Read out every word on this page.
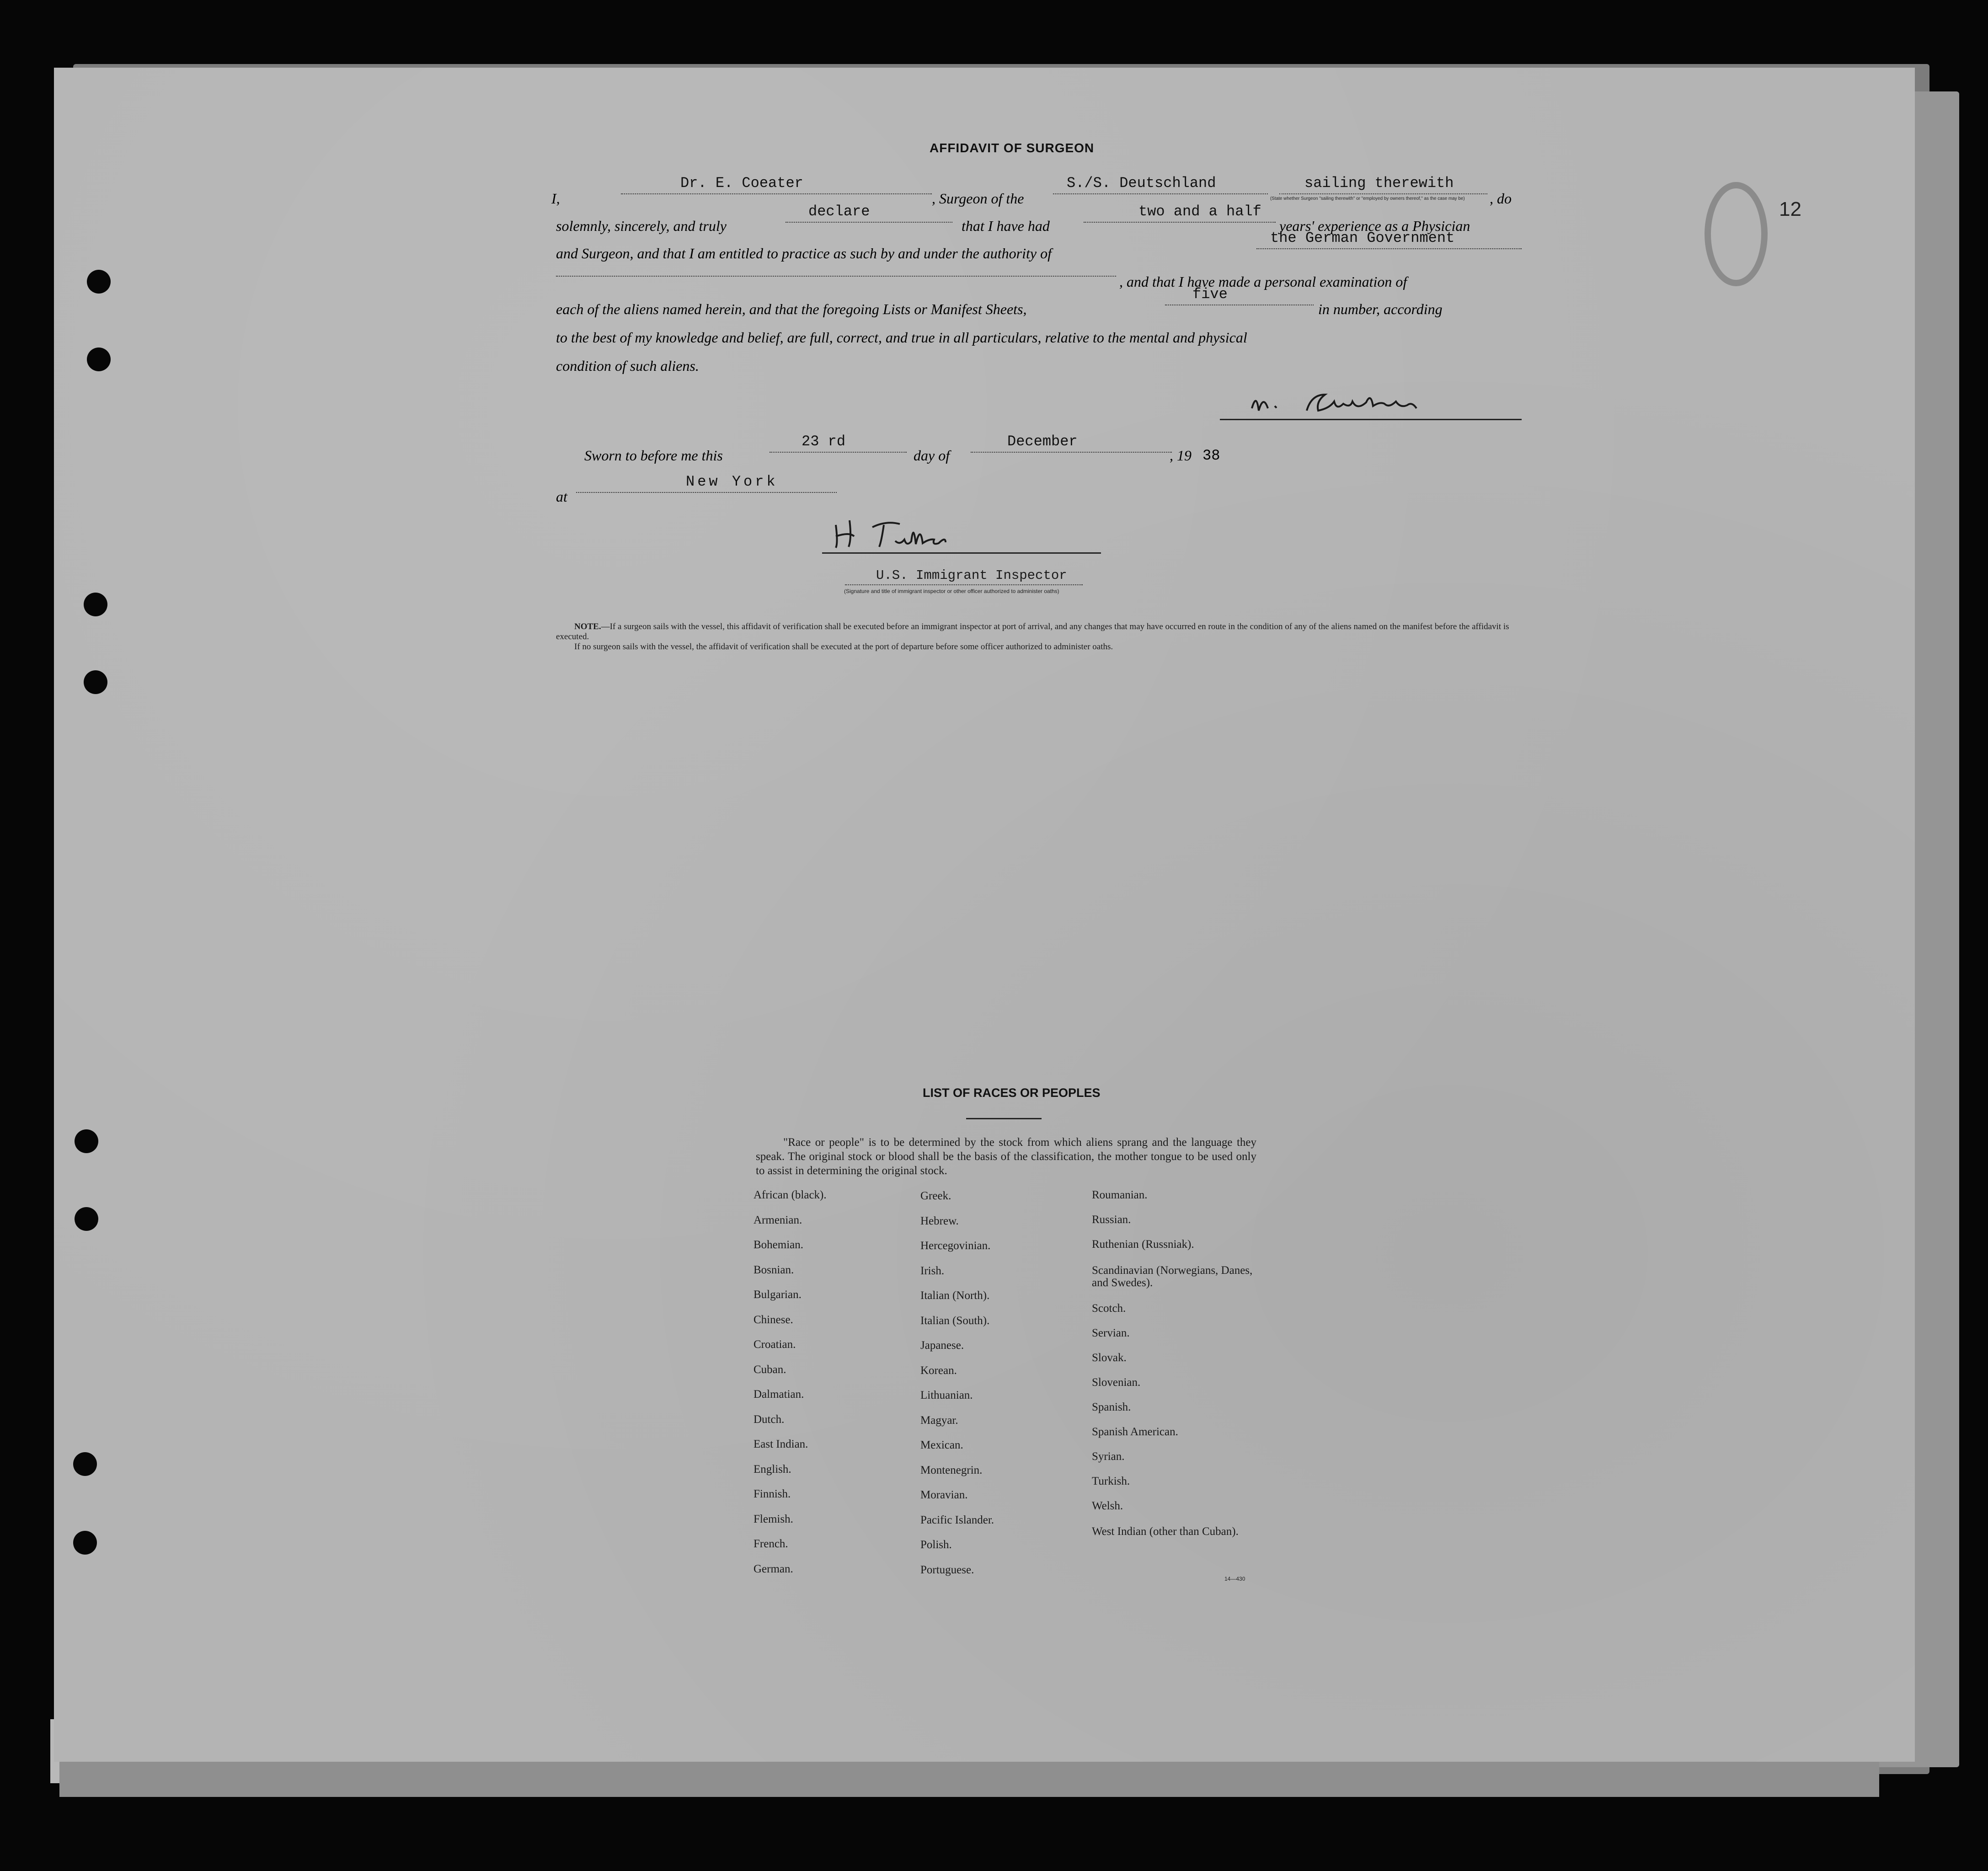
12
AFFIDAVIT OF SURGEON
I,
Dr. E. Coeater
, Surgeon of the
S./S. Deutschland	sailing therewith
, do
(State whether Surgeon "sailing therewith" or "employed by owners thereof," as the case may be)
solemnly, sincerely, and truly
declare
that I have had
two and a half
years' experience as a Physician
and Surgeon, and that I am entitled to practice as such by and under the authority of
the German Government
, and that I have made a personal examination of
each of the aliens named herein, and that the foregoing Lists or Manifest Sheets,
five
in number, according
to the best of my knowledge and belief, are full, correct, and true in all particulars, relative to the mental and physical
condition of such aliens.
Sworn to before me this
23 rd
day of
December
, 19 38
at
New York

U.S. Immigrant Inspector
(Signature and title of immigrant inspector or other officer authorized to administer oaths)
NOTE.—If a surgeon sails with the vessel, this affidavit of verification shall be executed before an immigrant inspector at port of arrival, and any changes that may have occurred en route in the condition of any of the aliens named on the manifest before the affidavit is executed.
If no surgeon sails with the vessel, the affidavit of verification shall be executed at the port of departure before some officer authorized to administer oaths.
LIST OF RACES OR PEOPLES
"Race or people" is to be determined by the stock from which aliens sprang and the language they speak. The original stock or blood shall be the basis of the classification, the mother tongue to be used only to assist in determining the original stock.
African (black).
Armenian.
Bohemian.
Bosnian.
Bulgarian.
Chinese.
Croatian.
Cuban.
Dalmatian.
Dutch.
East Indian.
English.
Finnish.
Flemish.
French.
German.
Greek.
Hebrew.
Hercegovinian.
Irish.
Italian (North).
Italian (South).
Japanese.
Korean.
Lithuanian.
Magyar.
Mexican.
Montenegrin.
Moravian.
Pacific Islander.
Polish.
Portuguese.
Roumanian.
Russian.
Ruthenian (Russniak).
Scandinavian (Norwegians, Danes, and Swedes).
Scotch.
Servian.
Slovak.
Slovenian.
Spanish.
Spanish American.
Syrian.
Turkish.
Welsh.
West Indian (other than Cuban).
14—430
